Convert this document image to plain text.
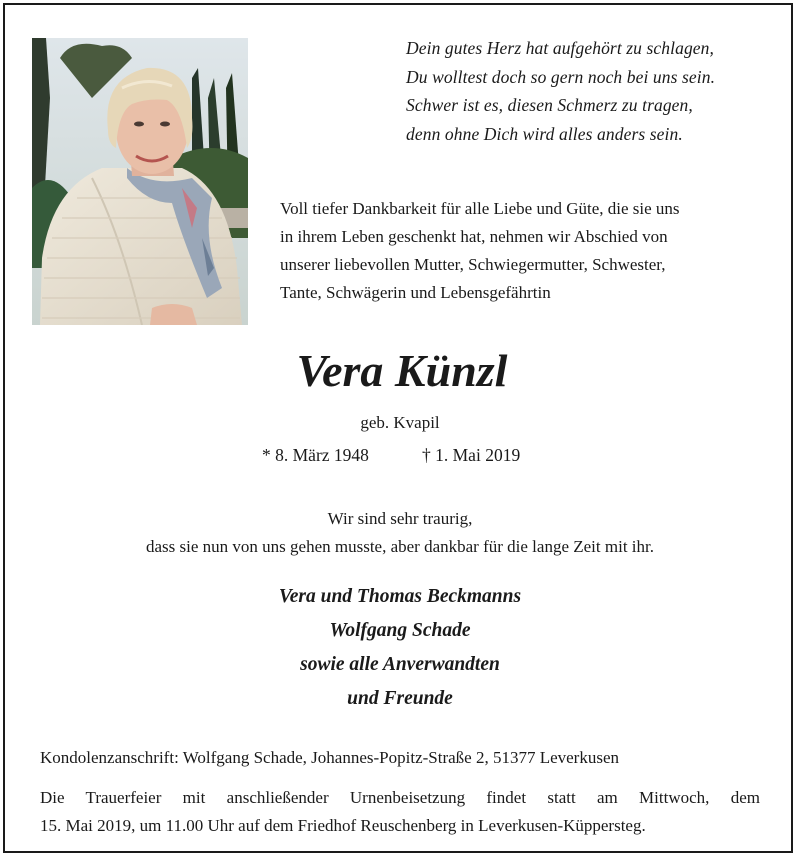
Dein gutes Herz hat aufgehört zu schlagen,
Du wolltest doch so gern noch bei uns sein.
Schwer ist es, diesen Schmerz zu tragen,
denn ohne Dich wird alles anders sein.
Voll tiefer Dankbarkeit für alle Liebe und Güte, die sie uns
in ihrem Leben geschenkt hat, nehmen wir Abschied von
unserer liebevollen Mutter, Schwiegermutter, Schwester,
Tante, Schwägerin und Lebensgefährtin
Vera Künzl
geb. Kvapil
* 8. März 1948	† 1. Mai 2019
Wir sind sehr traurig,
dass sie nun von uns gehen musste, aber dankbar für die lange Zeit mit ihr.
Vera und Thomas Beckmanns
Wolfgang Schade
sowie alle Anverwandten
und Freunde
Kondolenzanschrift: Wolfgang Schade, Johannes-Popitz-Straße 2, 51377 Leverkusen
Die Trauerfeier mit anschließender Urnenbeisetzung findet statt am Mittwoch, dem
15. Mai 2019, um 11.00 Uhr auf dem Friedhof Reuschenberg in Leverkusen-Küppersteg.
